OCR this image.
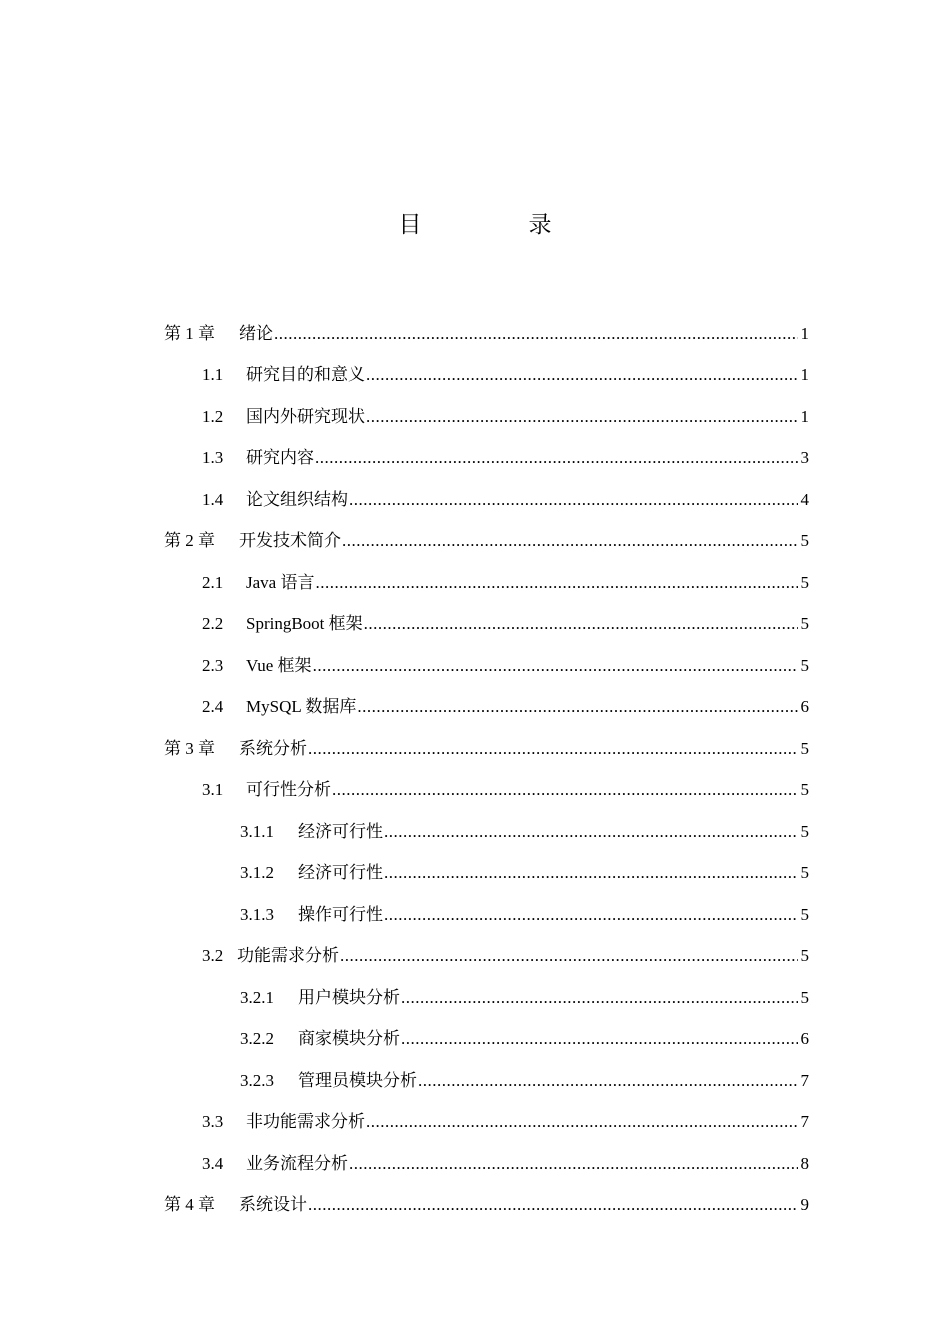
目　录
第 1 章	绪论 .....	1
1.1	研究目的和意义 .....	1
1.2	国内外研究现状 .....	1
1.3	研究内容 .....	3
1.4	论文组织结构 .....	4
第 2 章	开发技术简介 .....	5
2.1	Java 语言 .....	5
2.2	SpringBoot 框架 .....	5
2.3	Vue 框架 .....	5
2.4	MySQL 数据库 .....	6
第 3 章	系统分析 .....	5
3.1	可行性分析 .....	5
3.1.1	经济可行性 .....	5
3.1.2	经济可行性 .....	5
3.1.3	操作可行性 .....	5
3.2 功能需求分析 .....	5
3.2.1	用户模块分析 .....	5
3.2.2	商家模块分析 .....	6
3.2.3	管理员模块分析 .....	7
3.3	非功能需求分析 .....	7
3.4	业务流程分析 .....	8
第 4 章	系统设计 .....	9
